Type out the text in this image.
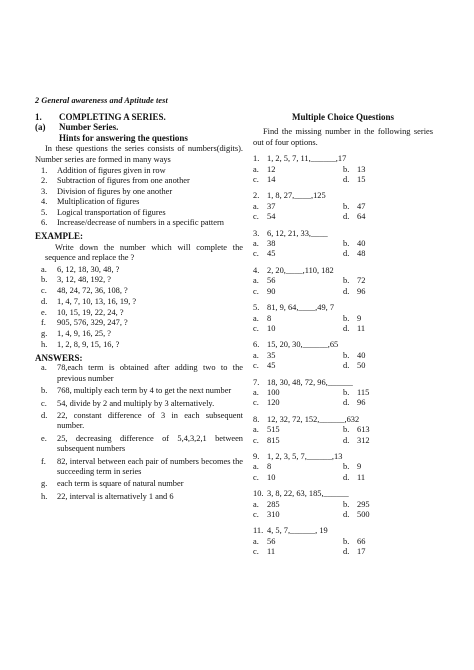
2 General awareness and Aptitude test
1. COMPLETING A SERIES.
(a) Number Series.
Hints for answering the questions
In these questions the series consists of numbers(digits). Number series are formed in many ways
1.	Addition of figures given in row
2.	Subtraction of figures from one another
3.	Division of figures by one another
4.	Multiplication of figures
5.	Logical transportation of figures
6.	Increase/decrease of numbers in a specific pattern
EXAMPLE:
Write down the number which will complete the sequence and replace the ?
a.	6, 12, 18, 30, 48, ?
b.	3, 12, 48, 192, ?
c.	48, 24, 72, 36, 108, ?
d.	1, 4, 7, 10, 13, 16, 19, ?
e.	10, 15, 19, 22, 24, ?
f.	905, 576, 329, 247, ?
g.	1, 4, 9, 16, 25, ?
h.	1, 2, 8, 9, 15, 16, ?
ANSWERS:
a.	78,each term is obtained after adding two to the previous number
b.	768, multiply each term by 4 to get the next number
c.	54, divide by 2 and multiply by 3 alternatively.
d.	22, constant difference of 3 in each subsequent number.
e.	25, decreasing difference of 5,4,3,2,1 between subsequent numbers
f.	82, interval between each pair of numbers becomes the succeeding term in series
g.	each term is square of natural number
h.	22, interval is alternatively 1 and 6
Multiple Choice Questions
Find the missing number in the following series out of four options.
1. 1, 2, 5, 7, 11,______,17
a. 12	b. 13
c. 14	d. 15
2. 1, 8, 27,____,125
a. 37	b. 47
c. 54	d. 64
3. 6, 12, 21, 33,____
a. 38	b. 40
c. 45	d. 48
4. 2, 20,____,110, 182
a. 56	b. 72
c. 90	d. 96
5. 81, 9, 64,____,49, 7
a. 8	b. 9
c. 10	d. 11
6. 15, 20, 30,______,65
a. 35	b. 40
c. 45	d. 50
7. 18, 30, 48, 72, 96,______
a. 100	b. 115
c. 120	d. 96
8. 12, 32, 72, 152,______,632
a. 515	b. 613
c. 815	d. 312
9. 1, 2, 3, 5, 7,______,13
a. 8	b. 9
c. 10	d. 11
10. 3, 8, 22, 63, 185,______
a. 285	b. 295
c. 310	d. 500
11. 4, 5, 7,______, 19
a. 56	b. 66
c. 11	d. 17
